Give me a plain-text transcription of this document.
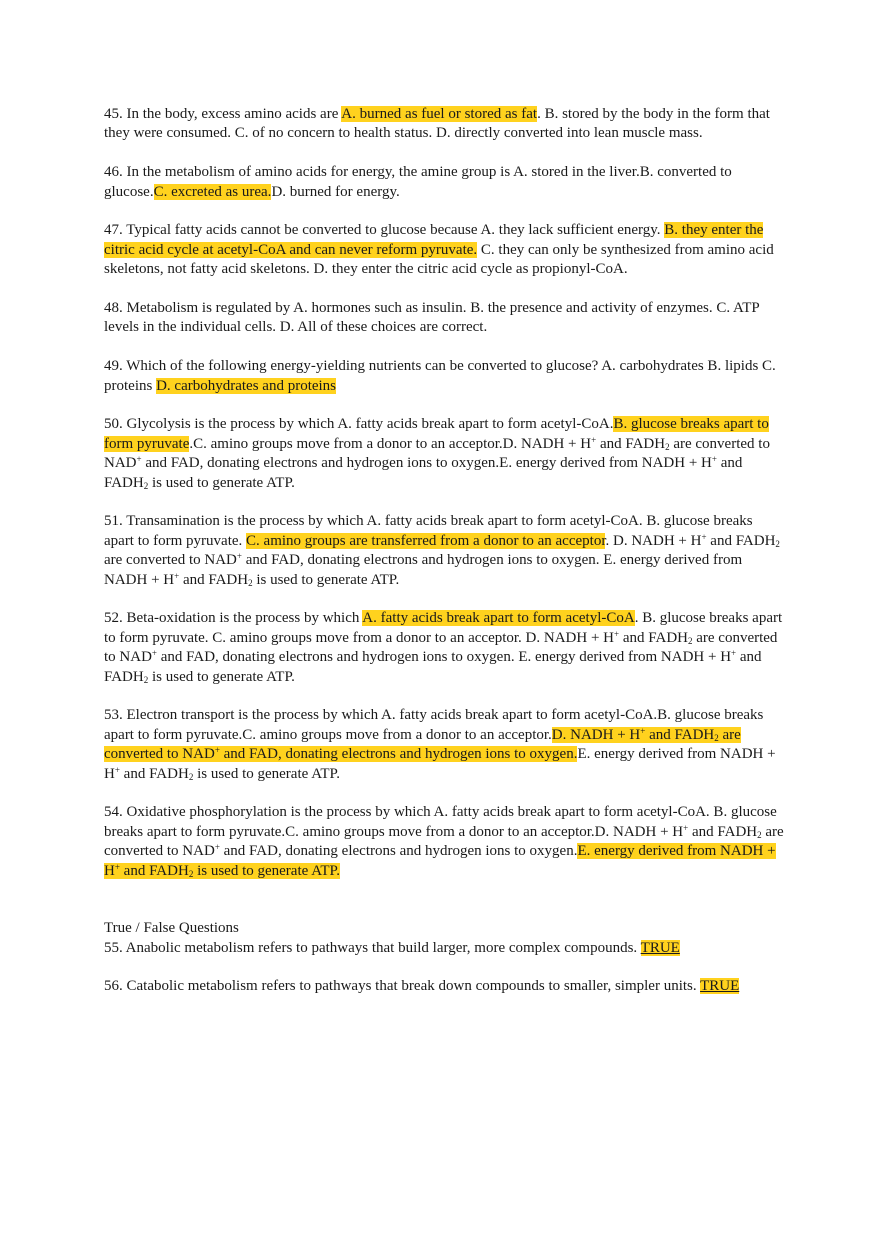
45. In the body, excess amino acids are A. burned as fuel or stored as fat. B. stored by the body in the form that they were consumed. C. of no concern to health status. D. directly converted into lean muscle mass.

46. In the metabolism of amino acids for energy, the amine group is A. stored in the liver.B. converted to glucose.C. excreted as urea.D. burned for energy.

47. Typical fatty acids cannot be converted to glucose because A. they lack sufficient energy. B. they enter the citric acid cycle at acetyl-CoA and can never reform pyruvate. C. they can only be synthesized from amino acid skeletons, not fatty acid skeletons. D. they enter the citric acid cycle as propionyl-CoA.

48. Metabolism is regulated by A. hormones such as insulin. B. the presence and activity of enzymes. C. ATP levels in the individual cells. D. All of these choices are correct.

49. Which of the following energy-yielding nutrients can be converted to glucose? A. carbohydrates B. lipids C. proteins D. carbohydrates and proteins

50. Glycolysis is the process by which A. fatty acids break apart to form acetyl-CoA.B. glucose breaks apart to form pyruvate.C. amino groups move from a donor to an acceptor.D. NADH + H+ and $FADH_2$ are converted to NAD+ and FAD, donating electrons and hydrogen ions to oxygen.E. energy derived from NADH + H+ and $FADH_2$ is used to generate ATP.

51. Transamination is the process by which A. fatty acids break apart to form acetyl-CoA. B. glucose breaks apart to form pyruvate. C. amino groups are transferred from a donor to an acceptor. D. NADH + H+ and $FADH_2$ are converted to NAD+ and FAD, donating electrons and hydrogen ions to oxygen. E. energy derived from NADH + H+ and $FADH_2$ is used to generate ATP.

52. Beta-oxidation is the process by which A. fatty acids break apart to form acetyl-CoA. B. glucose breaks apart to form pyruvate. C. amino groups move from a donor to an acceptor. D. NADH + H+ and $FADH_2$ are converted to NAD+ and FAD, donating electrons and hydrogen ions to oxygen. E. energy derived from NADH + H+ and $FADH_2$ is used to generate ATP.

53. Electron transport is the process by which A. fatty acids break apart to form acetyl-CoA.B. glucose breaks apart to form pyruvate.C. amino groups move from a donor to an acceptor.D. NADH + H+ and $FADH_2$ are converted to NAD+ and FAD, donating electrons and hydrogen ions to oxygen.E. energy derived from NADH + H+ and $FADH_2$ is used to generate ATP.

54. Oxidative phosphorylation is the process by which A. fatty acids break apart to form acetyl-CoA. B. glucose breaks apart to form pyruvate.C. amino groups move from a donor to an acceptor.D. NADH + H+ and $FADH_2$ are converted to NAD+ and FAD, donating electrons and hydrogen ions to oxygen.E. energy derived from NADH + H+ and $FADH_2$ is used to generate ATP.

True / False Questions

55. Anabolic metabolism refers to pathways that build larger, more complex compounds. TRUE

56. Catabolic metabolism refers to pathways that break down compounds to smaller, simpler units. TRUE
